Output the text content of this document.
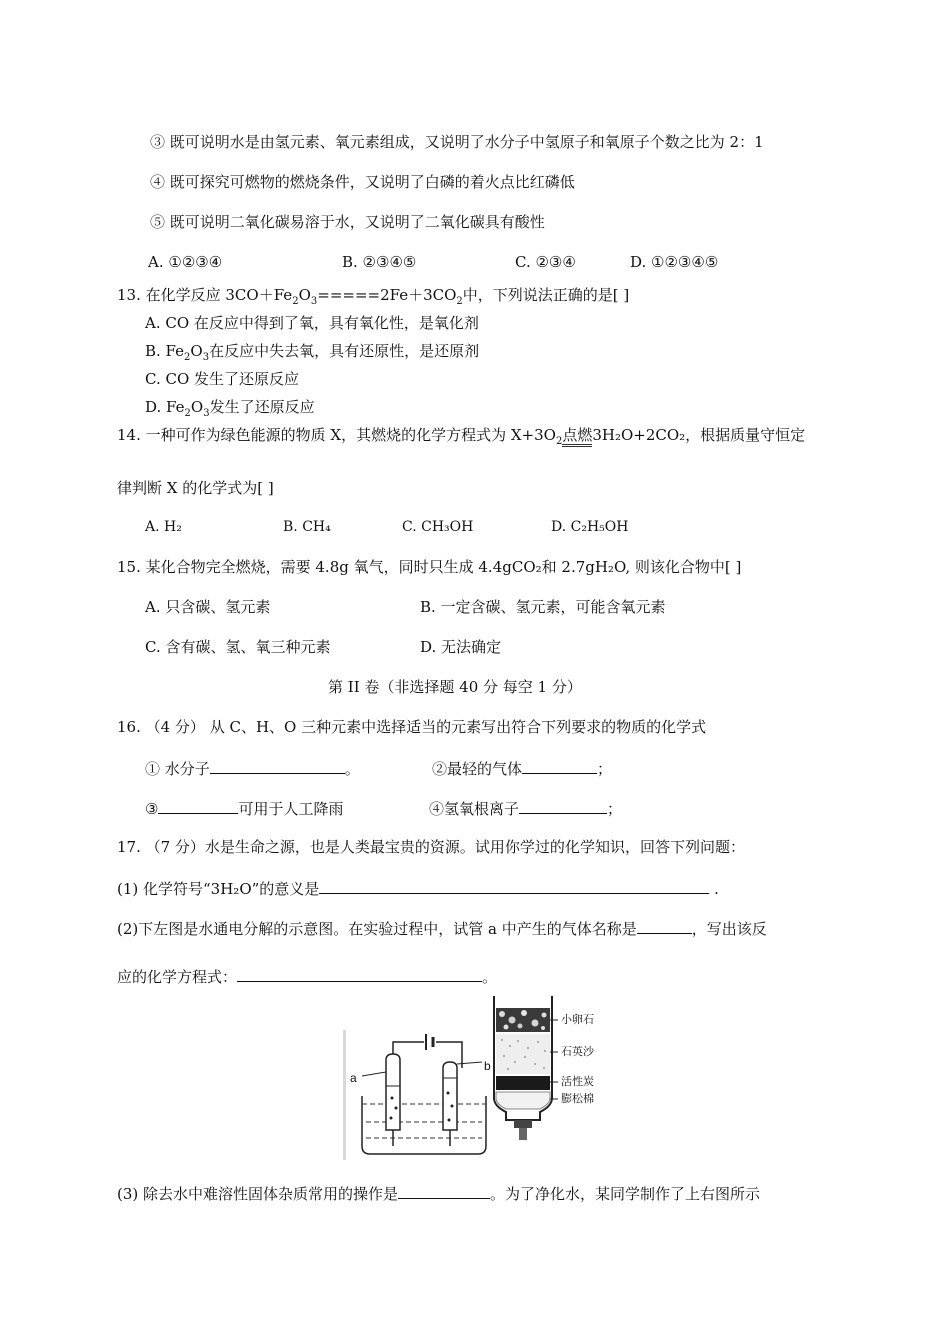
③ 既可说明水是由氢元素、氧元素组成，又说明了水分子中氢原子和氧原子个数之比为 2：1
④ 既可探究可燃物的燃烧条件，又说明了白磷的着火点比红磷低
⑤ 既可说明二氧化碳易溶于水，又说明了二氧化碳具有酸性
A. ①②③④	B. ②③④⑤	C. ②③④	D. ①②③④⑤
13. 在化学反应 $3CO+Fe_2O_3=====2Fe+3CO_2$中，下列说法正确的是[ ]
A. CO 在反应中得到了氧，具有氧化性，是氧化剂
B. $Fe_2O_3$在反应中失去氧，具有还原性，是还原剂
C. CO 发生了还原反应
D. $Fe_2O_3$发生了还原反应
14. 一种可作为绿色能源的物质 X，其燃烧的化学方程式为 $X+3O_2$点燃3H₂O+2CO₂，根据质量守恒定
律判断 X 的化学式为[ ]
A. H₂	B. CH₄	C. CH₃OH	D. C₂H₅OH
15. 某化合物完全燃烧，需要 4.8g 氧气，同时只生成 4.4gCO₂和 2.7gH₂O, 则该化合物中[ ]
A. 只含碳、氢元素	B. 一定含碳、氢元素，可能含氧元素
C. 含有碳、氢、氧三种元素	D. 无法确定
第 II 卷（非选择题 40 分 每空 1 分）
16. （4 分） 从 C、H、O 三种元素中选择适当的元素写出符合下列要求的物质的化学式
① 水分子	。	②最轻的气体	；
③	可用于人工降雨	④氢氧根离子	；
17. （7 分）水是生命之源，也是人类最宝贵的资源。试用你学过的化学知识，回答下列问题：
(1) 化学符号“3H₂O”的意义是	.
(2)下左图是水通电分解的示意图。在实验过程中，试管 a 中产生的气体名称是	，写出该反
应的化学方程式：	。
a
b
小卵石
石英沙
活性炭
膨松棉
(3) 除去水中难溶性固体杂质常用的操作是	。为了净化水，某同学制作了上右图所示
